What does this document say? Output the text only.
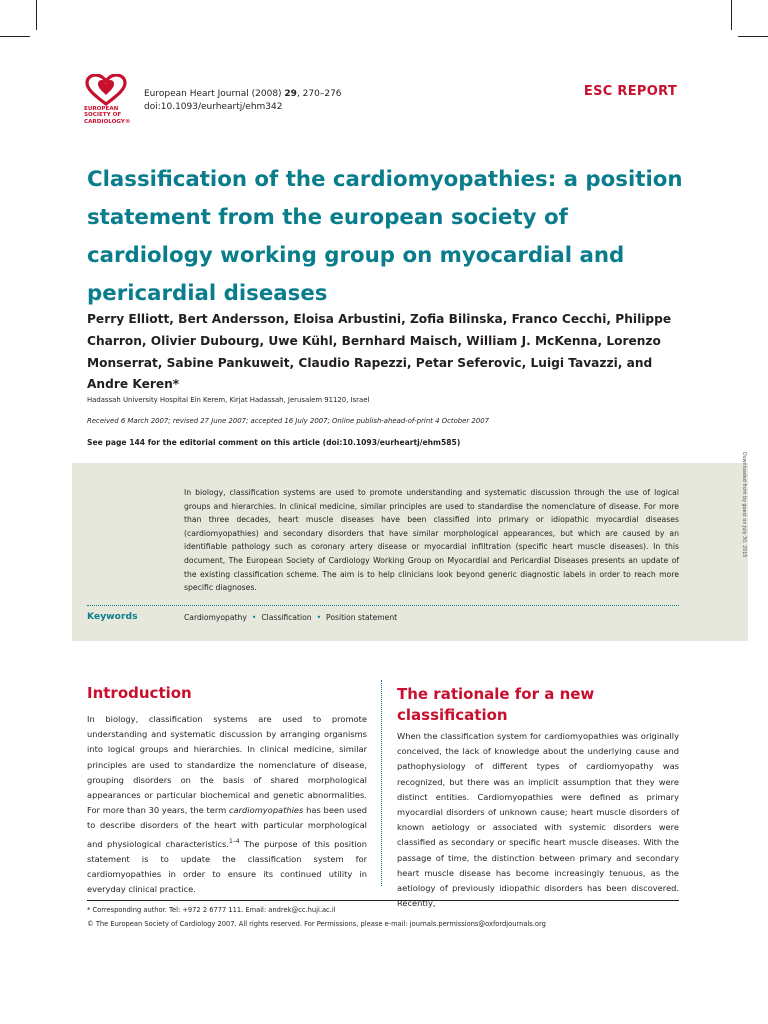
EUROPEAN
SOCIETY OF
CARDIOLOGY®
European Heart Journal (2008) 29, 270–276
doi:10.1093/eurheartj/ehm342
ESC REPORT
Classification of the cardiomyopathies: a position statement from the european society of cardiology working group on myocardial and pericardial diseases

Perry Elliott, Bert Andersson, Eloisa Arbustini, Zofia Bilinska, Franco Cecchi, Philippe Charron, Olivier Dubourg, Uwe Kühl, Bernhard Maisch, William J. McKenna, Lorenzo Monserrat, Sabine Pankuweit, Claudio Rapezzi, Petar Seferovic, Luigi Tavazzi, and Andre Keren*

Hadassah University Hospital Ein Kerem, Kirjat Hadassah, Jerusalem 91120, Israel
Received 6 March 2007; revised 27 June 2007; accepted 16 July 2007; Online publish-ahead-of-print 4 October 2007
See page 144 for the editorial comment on this article (doi:10.1093/eurheartj/ehm585)

In biology, classification systems are used to promote understanding and systematic discussion through the use of logical groups and hierarchies. In clinical medicine, similar principles are used to standardise the nomenclature of disease. For more than three decades, heart muscle diseases have been classified into primary or idiopathic myocardial diseases (cardiomyopathies) and secondary disorders that have similar morphological appearances, but which are caused by an identifiable pathology such as coronary artery disease or myocardial infiltration (specific heart muscle diseases). In this document, The European Society of Cardiology Working Group on Myocardial and Pericardial Diseases presents an update of the existing classification scheme. The aim is to help clinicians look beyond generic diagnostic labels in order to reach more specific diagnoses.

Keywords	Cardiomyopathy • Classification • Position statement
Downloaded from by guest on July 30, 2015
Introduction

In biology, classification systems are used to promote understanding and systematic discussion by arranging organisms into logical groups and hierarchies. In clinical medicine, similar principles are used to standardize the nomenclature of disease, grouping disorders on the basis of shared morphological appearances or particular biochemical and genetic abnormalities. For more than 30 years, the term cardiomyopathies has been used to describe disorders of the heart with particular morphological and physiological characteristics.$^{1-4}$ The purpose of this position statement is to update the classification system for cardiomyopathies in order to ensure its continued utility in everyday clinical practice.

The rationale for a new classification

When the classification system for cardiomyopathies was originally conceived, the lack of knowledge about the underlying cause and pathophysiology of different types of cardiomyopathy was recognized, but there was an implicit assumption that they were distinct entities. Cardiomyopathies were defined as primary myocardial disorders of unknown cause; heart muscle disorders of known aetiology or associated with systemic disorders were classified as secondary or specific heart muscle diseases. With the passage of time, the distinction between primary and secondary heart muscle disease has become increasingly tenuous, as the aetiology of previously idiopathic disorders has been discovered. Recently,

* Corresponding author. Tel: +972 2 6777 111. Email: andrek@cc.huji.ac.il
© The European Society of Cardiology 2007. All rights reserved. For Permissions, please e-mail: journals.permissions@oxfordjournals.org
